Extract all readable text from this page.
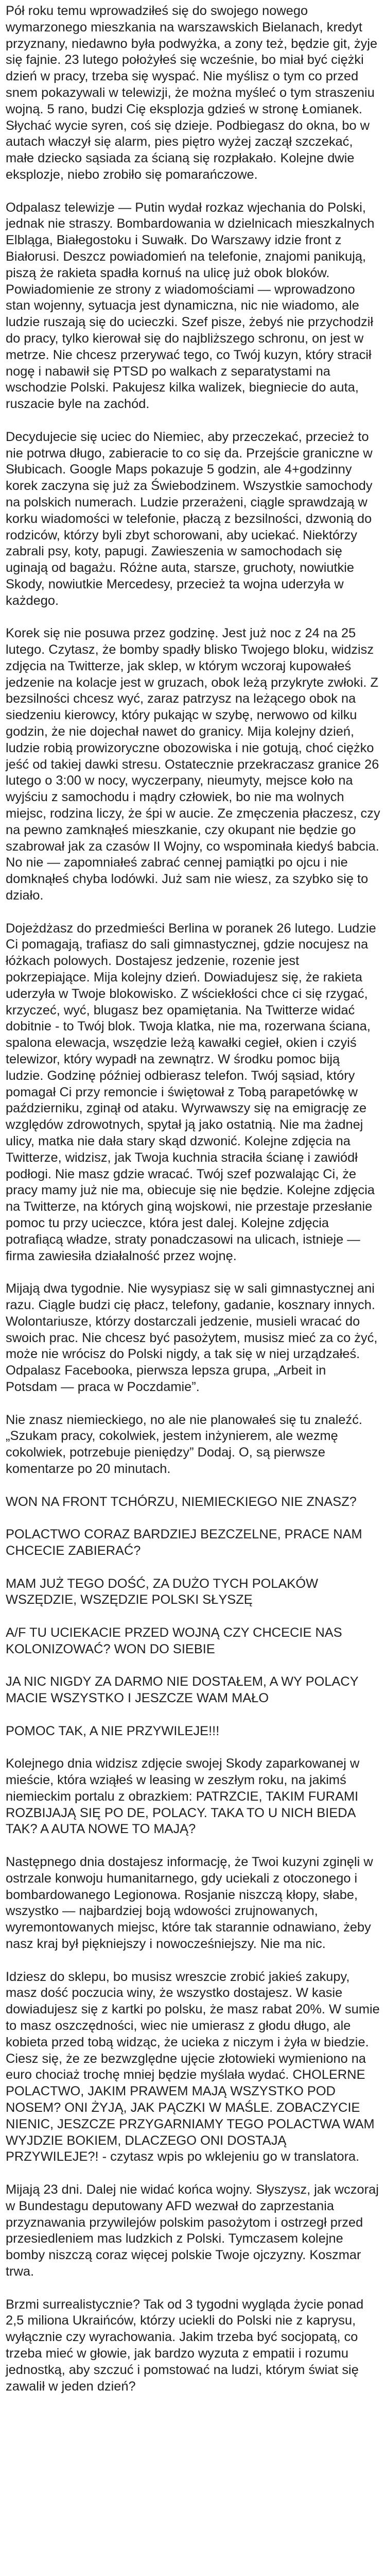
Pół roku temu wprowadziłeś się do swojego nowego wymarzonego mieszkania na warszawskich Bielanach, kredyt przyznany, niedawno była podwyżka, a zony też, będzie git, żyje się fajnie. 23 lutego położyłeś się wcześnie, bo miał być ciężki dzień w pracy, trzeba się wyspać. Nie myślisz o tym co przed snem pokazywali w telewizji, że można myśleć o tym straszeniu wojną. 5 rano, budzi Cię eksplozja gdzieś w stronę Łomianek. Słychać wycie syren, coś się dzieje. Podbiegasz do okna, bo w autach właczył się alarm, pies piętro wyżej zaczął szczekać, małe dziecko sąsiada za ścianą się rozpłakało. Kolejne dwie eksplozje, niebo zrobiło się pomarańczowe.

Odpalasz telewizje — Putin wydał rozkaz wjechania do Polski, jednak nie straszy. Bombardowania w dzielnicach mieszkalnych Elbląga, Białegostoku i Suwałk. Do Warszawy idzie front z Białorusi. Deszcz powiadomień na telefonie, znajomi panikują, piszą że rakieta spadła kornuś na ulicę już obok bloków. Powiadomienie ze strony z wiadomościami — wprowadzono stan wojenny, sytuacja jest dynamiczna, nic nie wiadomo, ale ludzie ruszają się do ucieczki. Szef pisze, żebyś nie przychodził do pracy, tylko kierował się do najbliższego schronu, on jest w metrze. Nie chcesz przerywać tego, co Twój kuzyn, który stracił nogę i nabawił się PTSD po walkach z separatystami na wschodzie Polski. Pakujesz kilka walizek, biegniecie do auta, ruszacie byle na zachód.

Decydujecie się uciec do Niemiec, aby przeczekać, przecież to nie potrwa długo, zabieracie to co się da. Przejście graniczne w Słubicach. Google Maps pokazuje 5 godzin, ale 4+godzinny korek zaczyna się już za Świebodzinem. Wszystkie samochody na polskich numerach. Ludzie przerażeni, ciągle sprawdzają w korku wiadomości w telefonie, płaczą z bezsilności, dzwonią do rodziców, którzy byli zbyt schorowani, aby uciekać. Niektórzy zabrali psy, koty, papugi. Zawieszenia w samochodach się uginają od bagażu. Różne auta, starsze, gruchoty, nowiutkie Skody, nowiutkie Mercedesy, przecież ta wojna uderzyła w każdego.

Korek się nie posuwa przez godzinę. Jest już noc z 24 na 25 lutego. Czytasz, że bomby spadły blisko Twojego bloku, widzisz zdjęcia na Twitterze, jak sklep, w którym wczoraj kupowałeś jedzenie na kolacje jest w gruzach, obok leżą przykryte zwłoki. Z bezsilności chcesz wyć, zaraz patrzysz na leżącego obok na siedzeniu kierowcy, który pukając w szybę, nerwowo od kilku godzin, że nie dojechał nawet do granicy. Mija kolejny dzień, ludzie robią prowizoryczne obozowiska i nie gotują, choć ciężko jeść od takiej dawki stresu. Ostatecznie przekraczasz granice 26 lutego o 3:00 w nocy, wyczerpany, nieumyty, mejsce koło na wyjściu z samochodu i mądry człowiek, bo nie ma wolnych miejsc, rodzina liczy, że śpi w aucie. Ze zmęczenia płaczesz, czy na pewno zamknąłeś mieszkanie, czy okupant nie będzie go szabrował jak za czasów II Wojny, co wspominała kiedyś babcia. No nie — zapomniałeś zabrać cennej pamiątki po ojcu i nie domknąłeś chyba lodówki. Już sam nie wiesz, za szybko się to działo.

Dojeżdżasz do przedmieści Berlina w poranek 26 lutego. Ludzie Ci pomagają, trafiasz do sali gimnastycznej, gdzie nocujesz na łóżkach polowych. Dostajesz jedzenie, rozenie jest pokrzepiające. Mija kolejny dzień. Dowiadujesz się, że rakieta uderzyła w Twoje blokowisko. Z wściekłości chce ci się rzygać, krzyczeć, wyć, blugasz bez opamiętania. Na Twitterze widać dobitnie - to Twój blok. Twoja klatka, nie ma, rozerwana ściana, spalona elewacja, wszędzie leżą kawałki cegieł, okien i czyiś telewizor, który wypadł na zewnątrz. W środku pomoc biją ludzie. Godzinę później odbierasz telefon. Twój sąsiad, który pomagał Ci przy remoncie i świętował z Tobą parapetówkę w październiku, zginął od ataku. Wyrwawszy się na emigrację ze względów zdrowotnych, spytał ją jako ostatnią. Nie ma żadnej ulicy, matka nie dała stary skąd dzwonić. Kolejne zdjęcia na Twitterze, widzisz, jak Twoja kuchnia straciła ścianę i zawiódł podłogi. Nie masz gdzie wracać. Twój szef pozwalając Ci, że pracy mamy już nie ma, obiecuje się nie będzie. Kolejne zdjęcia na Twitterze, na których giną wojskowi, nie przestaje przesłanie pomoc tu przy ucieczce, która jest dalej. Kolejne zdjęcia potrafiącą władze, straty ponadczasowi na ulicach, istnieje — firma zawiesiła działalność przez wojnę.

Mijają dwa tygodnie. Nie wysypiasz się w sali gimnastycznej ani razu. Ciągle budzi cię płacz, telefony, gadanie, kosznary innych. Wolontariusze, którzy dostarczali jedzenie, musieli wracać do swoich prac. Nie chcesz być pasożytem, musisz mieć za co żyć, może nie wrócisz do Polski nigdy, a tak się w niej urządzałeś. Odpalasz Facebooka, pierwsza lepsza grupa, „Arbeit in Potsdam — praca w Poczdamie”.

Nie znasz niemieckiego, no ale nie planowałeś się tu znaleźć. „Szukam pracy, cokolwiek, jestem inżynierem, ale wezmę cokolwiek, potrzebuje pieniędzy” Dodaj. O, są pierwsze komentarze po 20 minutach.

WON NA FRONT TCHÓRZU, NIEMIECKIEGO NIE ZNASZ?

POLACTWO CORAZ BARDZIEJ BEZCZELNE, PRACE NAM CHCECIE ZABIERAĆ?

MAM JUŻ TEGO DOŚĆ, ZA DUŻO TYCH POLAKÓW WSZĘDZIE, WSZĘDZIE POLSKI SŁYSZĘ

A/F TU UCIEKACIE PRZED WOJNĄ CZY CHCECIE NAS KOLONIZOWAĆ? WON DO SIEBIE

JA NIC NIGDY ZA DARMO NIE DOSTAŁEM, A WY POLACY MACIE WSZYSTKO I JESZCZE WAM MAŁO

POMOC TAK, A NIE PRZYWILEJE!!!

Kolejnego dnia widzisz zdjęcie swojej Skody zaparkowanej w mieście, która wziąłeś w leasing w zeszłym roku, na jakimś niemieckim portalu z obrazkiem: PATRZCIE, TAKIM FURAMI ROZBIJAJĄ SIĘ PO DE, POLACY. TAKA TO U NICH BIEDA TAK? A AUTA NOWE TO MAJĄ?

Następnego dnia dostajesz informację, że Twoi kuzyni zginęli w ostrzale konwoju humanitarnego, gdy uciekali z otoczonego i bombardowanego Legionowa. Rosjanie niszczą kłopy, słabe, wszystko — najbardziej boją wdowości zrujnowanych, wyremontowanych miejsc, które tak starannie odnawiano, żeby nasz kraj był piękniejszy i nowocześniejszy. Nie ma nic.

Idziesz do sklepu, bo musisz wreszcie zrobić jakieś zakupy, masz dość poczucia winy, że wszystko dostajesz. W kasie dowiadujesz się z kartki po polsku, że masz rabat 20%. W sumie to masz oszczędności, wiec nie umierasz z głodu długo, ale kobieta przed tobą widząc, że ucieka z niczym i żyła w biedzie. Ciesz się, że ze bezwzględne ujęcie złotowieki wymieniono na euro chociaż trochę mniej będzie myślała wydać. CHOLERNE POLACTWO, JAKIM PRAWEM MAJĄ WSZYSTKO POD NOSEM? ONI ŻYJĄ, JAK PĄCZKI W MAŚLE. ZOBACZYCIE NIENIC, JESZCZE PRZYGARNIAMY TEGO POLACTWA WAM WYJDZIE BOKIEM, DLACZEGO ONI DOSTAJĄ PRZYWILEJE?! - czytasz wpis po wklejeniu go w translatora.

Mijają 23 dni. Dalej nie widać końca wojny. Słyszysz, jak wczoraj w Bundestagu deputowany AFD wezwał do zaprzestania przyznawania przywilejów polskim pasożytom i ostrzegł przed przesiedleniem mas ludzkich z Polski. Tymczasem kolejne bomby niszczą coraz więcej polskie Twoje ojczyzny. Koszmar trwa.

Brzmi surrealistycznie? Tak od 3 tygodni wygląda życie ponad 2,5 miliona Ukraińców, którzy uciekli do Polski nie z kaprysu, wyłącznie czy wyrachowania. Jakim trzeba być socjopatą, co trzeba mieć w głowie, jak bardzo wyzuta z empatii i rozumu jednostką, aby szczuć i pomstować na ludzi, którym świat się zawalił w jeden dzień?
